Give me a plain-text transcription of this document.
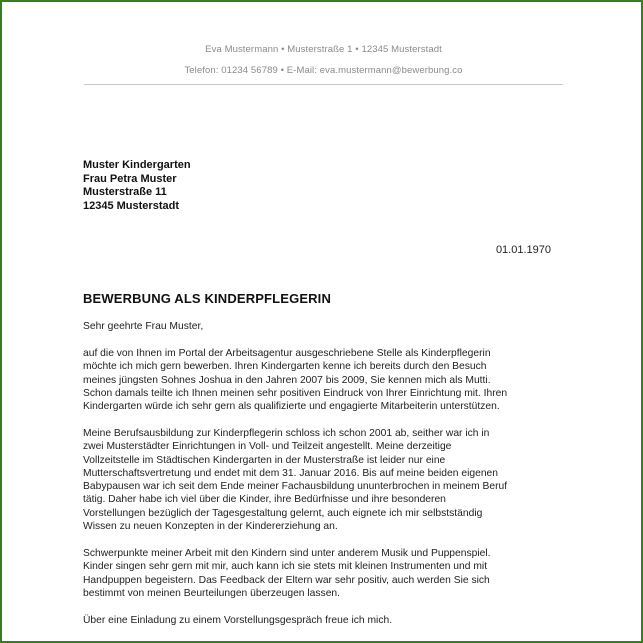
Eva Mustermann • Musterstraße 1 • 12345 Musterstadt
Telefon: 01234 56789 • E-Mail: eva.mustermann@bewerbung.co
Muster Kindergarten
Frau Petra Muster
Musterstraße 11
12345 Musterstadt
01.01.1970
BEWERBUNG ALS KINDERPFLEGERIN
Sehr geehrte Frau Muster,
auf die von Ihnen im Portal der Arbeitsagentur ausgeschriebene Stelle als Kinderpflegerin
möchte ich mich gern bewerben. Ihren Kindergarten kenne ich bereits durch den Besuch
meines jüngsten Sohnes Joshua in den Jahren 2007 bis 2009, Sie kennen mich als Mutti.
Schon damals teilte ich Ihnen meinen sehr positiven Eindruck von Ihrer Einrichtung mit. Ihren
Kindergarten würde ich sehr gern als qualifizierte und engagierte Mitarbeiterin unterstützen.
Meine Berufsausbildung zur Kinderpflegerin schloss ich schon 2001 ab, seither war ich in
zwei Musterstädter Einrichtungen in Voll- und Teilzeit angestellt. Meine derzeitige
Vollzeitstelle im Städtischen Kindergarten in der Musterstraße ist leider nur eine
Mutterschaftsvertretung und endet mit dem 31. Januar 2016. Bis auf meine beiden eigenen
Babypausen war ich seit dem Ende meiner Fachausbildung ununterbrochen in meinem Beruf
tätig. Daher habe ich viel über die Kinder, ihre Bedürfnisse und ihre besonderen
Vorstellungen bezüglich der Tagesgestaltung gelernt, auch eignete ich mir selbstständig
Wissen zu neuen Konzepten in der Kindererziehung an.
Schwerpunkte meiner Arbeit mit den Kindern sind unter anderem Musik und Puppenspiel.
Kinder singen sehr gern mit mir, auch kann ich sie stets mit kleinen Instrumenten und mit
Handpuppen begeistern. Das Feedback der Eltern war sehr positiv, auch werden Sie sich
bestimmt von meinen Beurteilungen überzeugen lassen.
Über eine Einladung zu einem Vorstellungsgespräch freue ich mich.
